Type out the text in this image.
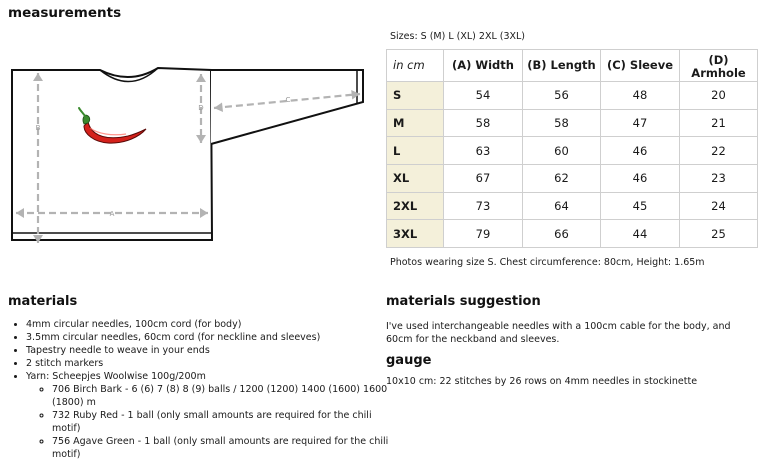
measurements
A
B
D
C
Sizes: S (M) L (XL) 2XL (3XL)
in cm	(A) Width	(B) Length	(C) Sleeve	(D) Armhole
S	54	56	48	20
M	58	58	47	21
L	63	60	46	22
XL	67	62	46	23
2XL	73	64	45	24
3XL	79	66	44	25
Photos wearing size S. Chest circumference: 80cm, Height: 1.65m
materials
• 4mm circular needles, 100cm cord (for body)
• 3.5mm circular needles, 60cm cord (for neckline and sleeves)
• Tapestry needle to weave in your ends
• 2 stitch markers
• Yarn: Scheepjes Woolwise 100g/200m
◦ 706 Birch Bark - 6 (6) 7 (8) 8 (9) balls / 1200 (1200) 1400 (1600) 1600 (1800) m
◦ 732 Ruby Red - 1 ball (only small amounts are required for the chili motif)
◦ 756 Agave Green - 1 ball (only small amounts are required for the chili motif)
materials suggestion
I've used interchangeable needles with a 100cm cable for the body, and 60cm for the neckband and sleeves.
gauge
10x10 cm: 22 stitches by 26 rows on 4mm needles in stockinette
